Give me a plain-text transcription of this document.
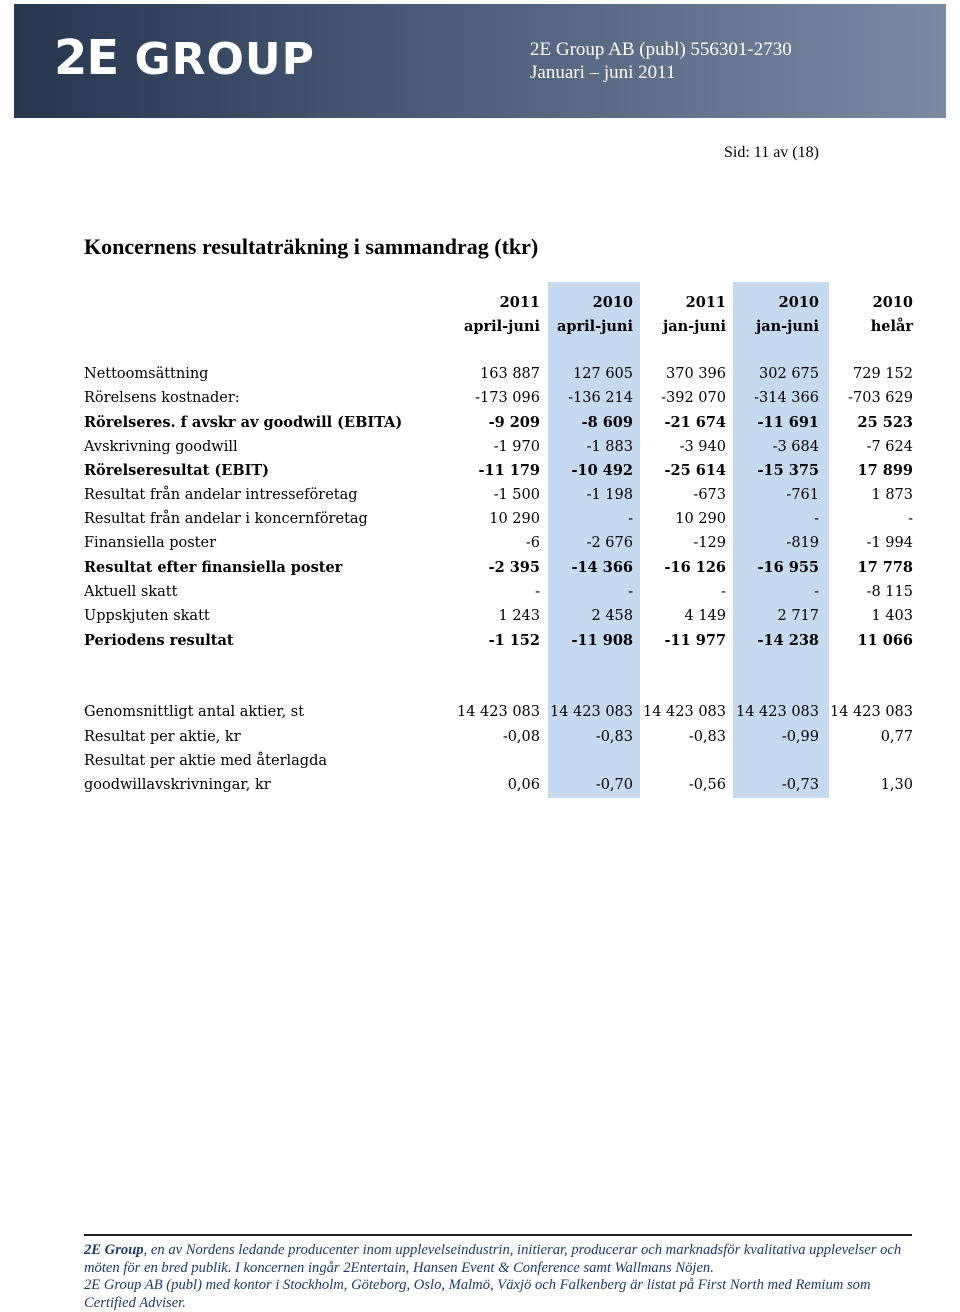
2E GROUP	2E Group AB (publ) 556301-2730
Januari – juni 2011
Sid: 11 av (18)
Koncernens resultaträkning i sammandrag (tkr)
	2011	2010	2011	2010	2010
	april-juni	april-juni	jan-juni	jan-juni	helår

Nettoomsättning	163 887	127 605	370 396	302 675	729 152
Rörelsens kostnader:	-173 096	-136 214	-392 070	-314 366	-703 629
Rörelseres. f avskr av goodwill (EBITA)	-9 209	-8 609	-21 674	-11 691	25 523
Avskrivning goodwill	-1 970	-1 883	-3 940	-3 684	-7 624
Rörelseresultat (EBIT)	-11 179	-10 492	-25 614	-15 375	17 899
Resultat från andelar intresseföretag	-1 500	-1 198	-673	-761	1 873
Resultat från andelar i koncernföretag	10 290	-	10 290	-	-
Finansiella poster	-6	-2 676	-129	-819	-1 994
Resultat efter finansiella poster	-2 395	-14 366	-16 126	-16 955	17 778
Aktuell skatt	-	-	-	-	-8 115
Uppskjuten skatt	1 243	2 458	4 149	2 717	1 403
Periodens resultat	-1 152	-11 908	-11 977	-14 238	11 066

Genomsnittligt antal aktier, st	14 423 083	14 423 083	14 423 083	14 423 083	14 423 083
Resultat per aktie, kr	-0,08	-0,83	-0,83	-0,99	0,77
Resultat per aktie med återlagda					
goodwillavskrivningar, kr	0,06	-0,70	-0,56	-0,73	1,30
2E Group, en av Nordens ledande producenter inom upplevelseindustrin, initierar, producerar och marknadsför kvalitativa upplevelser och möten för en bred publik. I koncernen ingår 2Entertain, Hansen Event & Conference samt Wallmans Nöjen.
2E Group AB (publ) med kontor i Stockholm, Göteborg, Oslo, Malmö, Växjö och Falkenberg är listat på First North med Remium som Certified Adviser.
